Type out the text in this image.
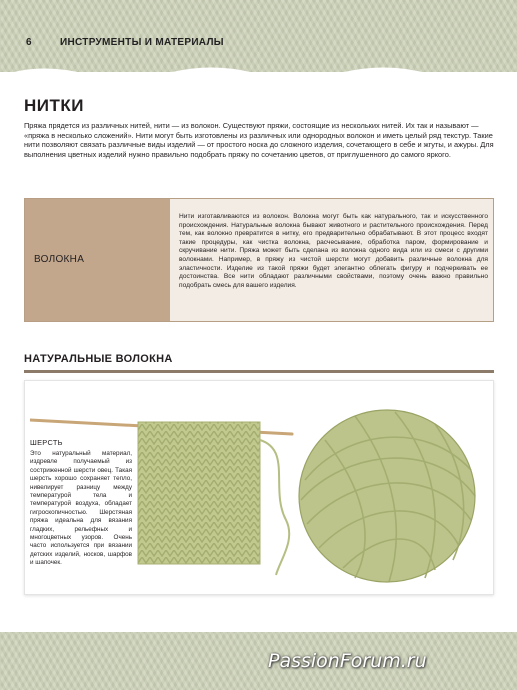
6	ИНСТРУМЕНТЫ И МАТЕРИАЛЫ
НИТКИ

Пряжа прядется из различных нитей, нити — из волокон. Существуют пряжи, состоящие из нескольких нитей. Их так и называют — «пряжа в несколько сложений». Нити могут быть изготовлены из различных или однородных волокон и иметь целый ряд текстур. Такие нити позволяют связать различные виды изделий — от простого носка до сложного изделия, сочетающего в себе и жгуты, и ажуры. Для выполнения цветных изделий нужно правильно подобрать пряжу по сочетанию цветов, от приглушенного до самого яркого.

ВОЛОКНА

Нити изготавливаются из волокон. Волокна могут быть как натурального, так и искусственного происхождения. Натуральные волокна бывают животного и растительного происхождения. Перед тем, как волокно превратится в нитку, его предварительно обрабатывают. В этот процесс входят такие процедуры, как чистка волокна, расчесывание, обработка паром, формирование и скручивание нити. Пряжа может быть сделана из волокна одного вида или из смеси с другими волокнами. Например, в пряжу из чистой шерсти могут добавить различные волокна для эластичности. Изделие из такой пряжи будет элегантно облегать фигуру и подчеркивать ее достоинства. Все нити обладают различными свойствами, поэтому очень важно правильно подобрать смесь для вашего изделия.

НАТУРАЛЬНЫЕ ВОЛОКНА
ШЕРСТЬ

Это натуральный материал, издревле получаемый из состриженной шерсти овец. Такая шерсть хорошо сохраняет тепло, нивелирует разницу между температурой тела и температурой воздуха, обладает гигроскопичностью. Шерстяная пряжа идеальна для вязания гладких, рельефных и многоцветных узоров. Очень часто используется при вязании детских изделий, носков, шарфов и шапочек.

PassionForum.ru
